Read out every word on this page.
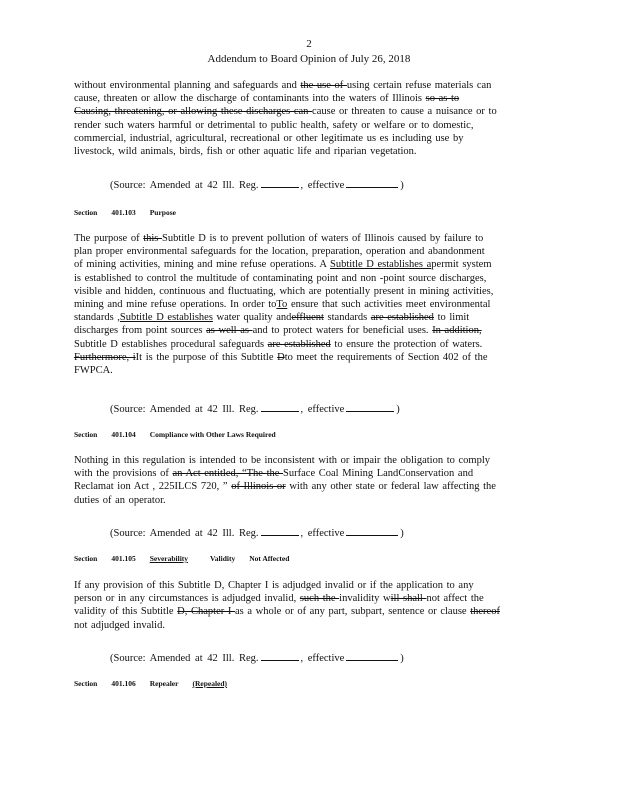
2
Addendum to Board Opinion of July 26, 2018
without environmental planning and safeguards and the use of using certain refuse materials can
cause, threaten or allow the discharge of contaminants into the waters of Illinois so as to
Causing, threatening, or allowing these discharges can cause or threaten to cause a nuisance or to
render such waters harmful or detrimental to public health, safety or welfare or to domestic,
commercial, industrial, agricultural, recreational or other legitimate us es including use by
livestock, wild animals, birds, fish or other aquatic life and riparian vegetation.
(Source: Amended at 42 Ill. Reg.	, effective	)
Section 401.103 Purpose
The purpose of this Subtitle D is to prevent pollution of waters of Illinois caused by failure to
plan proper environmental safeguards for the location, preparation, operation and abandonment
of mining activities, mining and mine refuse operations. A Subtitle D establishes apermit system
is established to control the multitude of contaminating point and non -point source discharges,
visible and hidden, continuous and fluctuating, which are potentially present in mining activities,
mining and mine refuse operations. In order toTo ensure that such activities meet environmental
standards ,Subtitle D establishes water quality andeffluent standards are established to limit
discharges from point sources as well as and to protect waters for beneficial uses. In addition,
Subtitle D establishes procedural safeguards are established to ensure the protection of waters.
Furthermore, iIt is the purpose of this Subtitle Dto meet the requirements of Section 402 of the
FWPCA.
(Source: Amended at 42 Ill. Reg.	, effective	)
Section 401.104 Compliance with Other Laws Required
Nothing in this regulation is intended to be inconsistent with or impair the obligation to comply
with the provisions of an Act entitled, “The the Surface Coal Mining LandConservation and
Reclamat ion Act , 225ILCS 720, ” of Illinois or with any other state or federal law affecting the
duties of an operator.
(Source: Amended at 42 Ill. Reg.	, effective	)
Section 401.105 Severability	Validity Not Affected
If any provision of this Subtitle D, Chapter I is adjudged invalid or if the application to any
person or in any circumstances is adjudged invalid, such the invalidity will shall not affect the
validity of this Subtitle D, Chapter I as a whole or of any part, subpart, sentence or clause thereof
not adjudged invalid.
(Source: Amended at 42 Ill. Reg.	, effective	)
Section 401.106 Repealer (Repealed)
